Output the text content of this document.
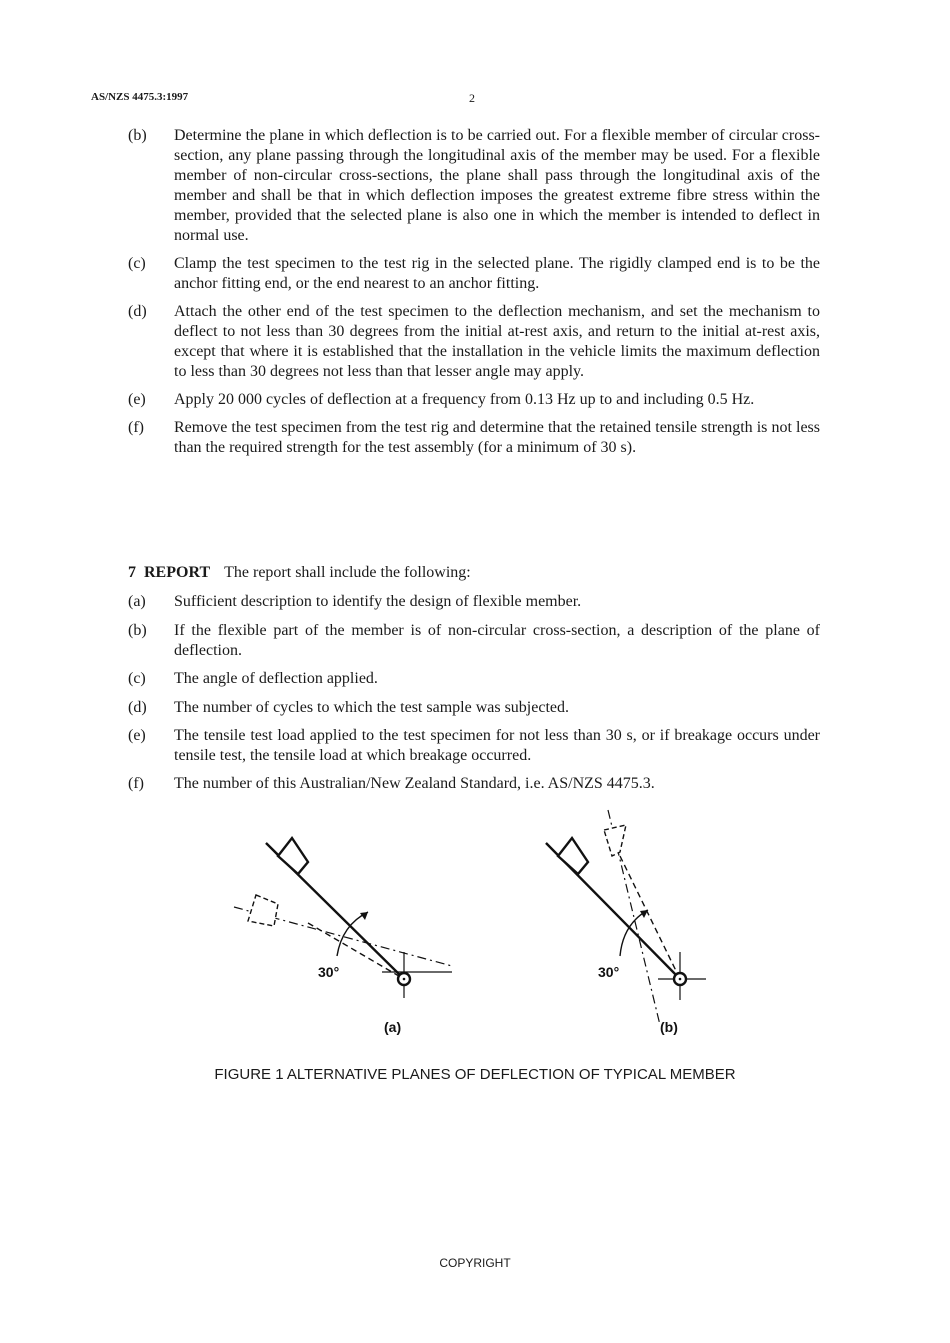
AS/NZS 4475.3:1997	2
(b)	Determine the plane in which deflection is to be carried out. For a flexible member of circular cross-section, any plane passing through the longitudinal axis of the member may be used. For a flexible member of non-circular cross-sections, the plane shall pass through the longitudinal axis of the member and shall be that in which deflection imposes the greatest extreme fibre stress within the member, provided that the selected plane is also one in which the member is intended to deflect in normal use.
(c)	Clamp the test specimen to the test rig in the selected plane. The rigidly clamped end is to be the anchor fitting end, or the end nearest to an anchor fitting.
(d)	Attach the other end of the test specimen to the deflection mechanism, and set the mechanism to deflect to not less than 30 degrees from the initial at-rest axis, and return to the initial at-rest axis, except that where it is established that the installation in the vehicle limits the maximum deflection to less than 30 degrees not less than that lesser angle may apply.
(e)	Apply 20 000 cycles of deflection at a frequency from 0.13 Hz up to and including 0.5 Hz.
(f)	Remove the test specimen from the test rig and determine that the retained tensile strength is not less than the required strength for the test assembly (for a minimum of 30 s).
7 REPORT The report shall include the following:
(a)	Sufficient description to identify the design of flexible member.
(b)	If the flexible part of the member is of non-circular cross-section, a description of the plane of deflection.
(c)	The angle of deflection applied.
(d)	The number of cycles to which the test sample was subjected.
(e)	The tensile test load applied to the test specimen for not less than 30 s, or if breakage occurs under tensile test, the tensile load at which breakage occurred.
(f)	The number of this Australian/New Zealand Standard, i.e. AS/NZS 4475.3.
30°
(a)
30°
(b)
FIGURE 1 ALTERNATIVE PLANES OF DEFLECTION OF TYPICAL MEMBER
COPYRIGHT
